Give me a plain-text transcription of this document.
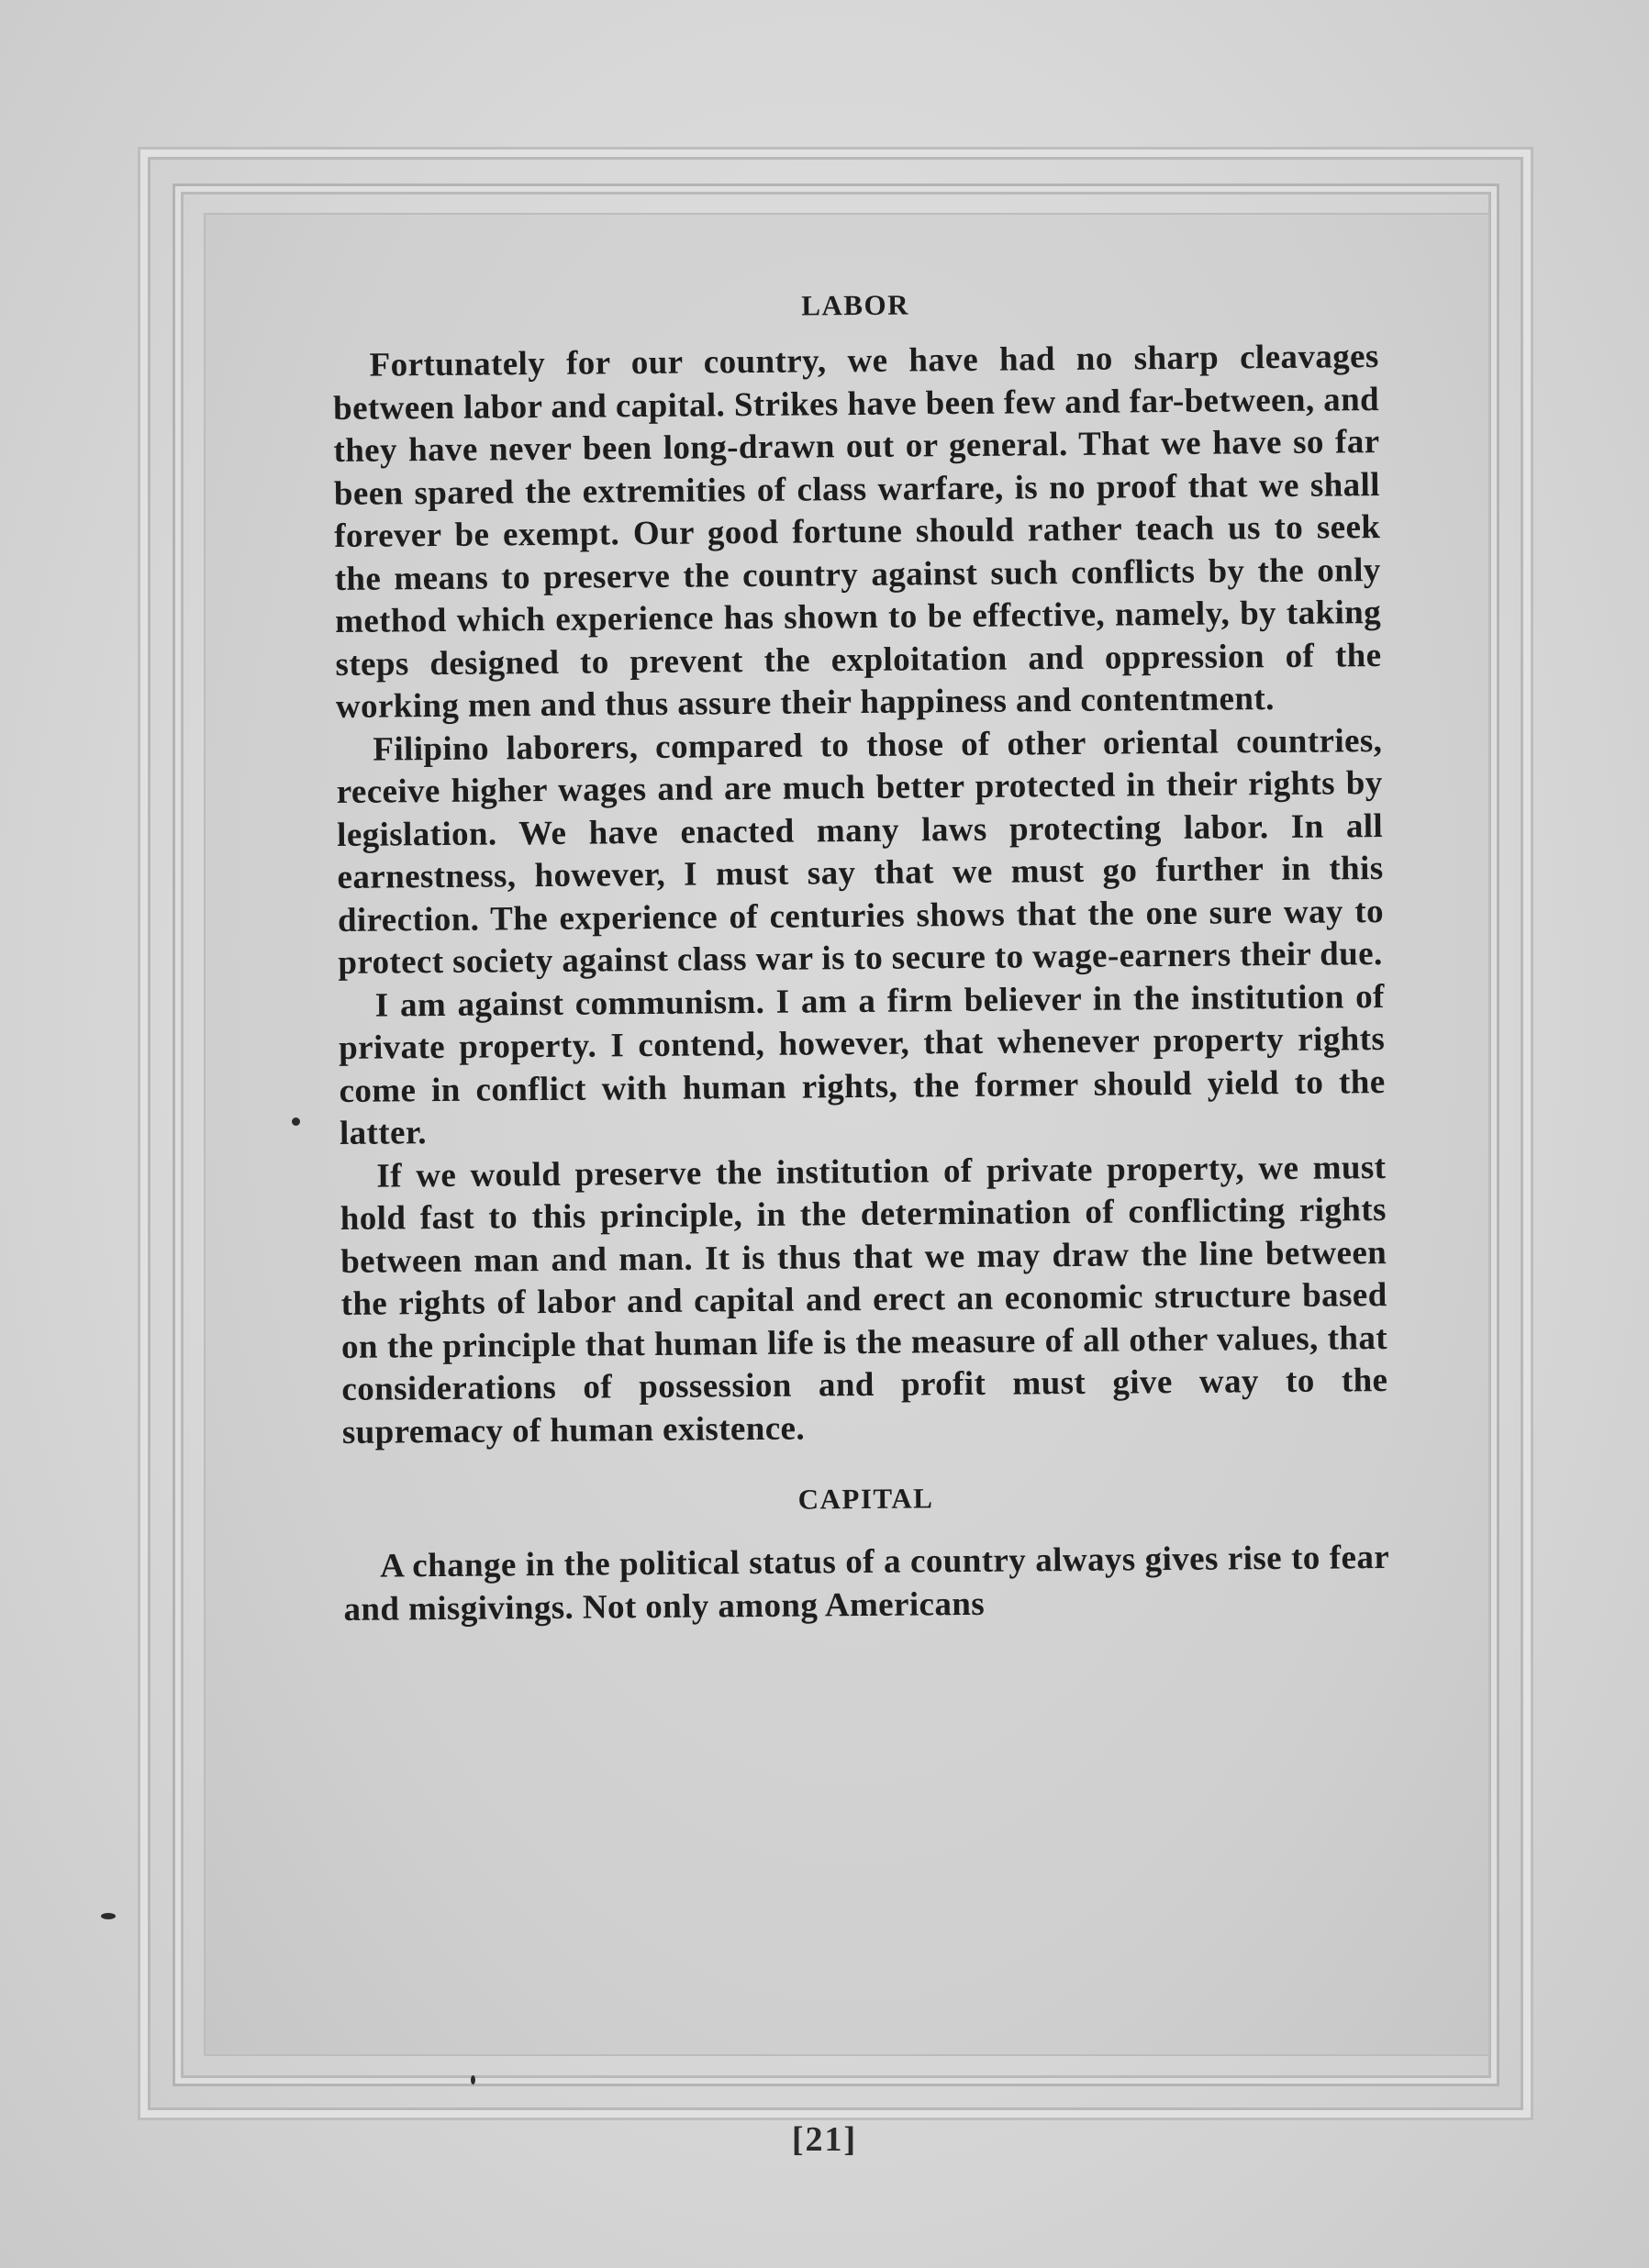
LABOR

Fortunately for our country, we have had no sharp cleavages between labor and capital. Strikes have been few and far-between, and they have never been long-drawn out or general. That we have so far been spared the extremities of class warfare, is no proof that we shall forever be exempt. Our good fortune should rather teach us to seek the means to preserve the country against such conflicts by the only method which experience has shown to be effective, namely, by taking steps designed to prevent the exploitation and oppression of the working men and thus assure their happiness and contentment.

Filipino laborers, compared to those of other oriental countries, receive higher wages and are much better protected in their rights by legislation. We have enacted many laws protecting labor. In all earnestness, however, I must say that we must go further in this direction. The experience of centuries shows that the one sure way to protect society against class war is to secure to wage-earners their due.

I am against communism. I am a firm believer in the institution of private property. I contend, however, that whenever property rights come in conflict with human rights, the former should yield to the latter.

If we would preserve the institution of private property, we must hold fast to this principle, in the determination of conflicting rights between man and man. It is thus that we may draw the line between the rights of labor and capital and erect an economic structure based on the principle that human life is the measure of all other values, that considerations of possession and profit must give way to the supremacy of human existence.

CAPITAL

A change in the political status of a country always gives rise to fear and misgivings. Not only among Americans

[21]
